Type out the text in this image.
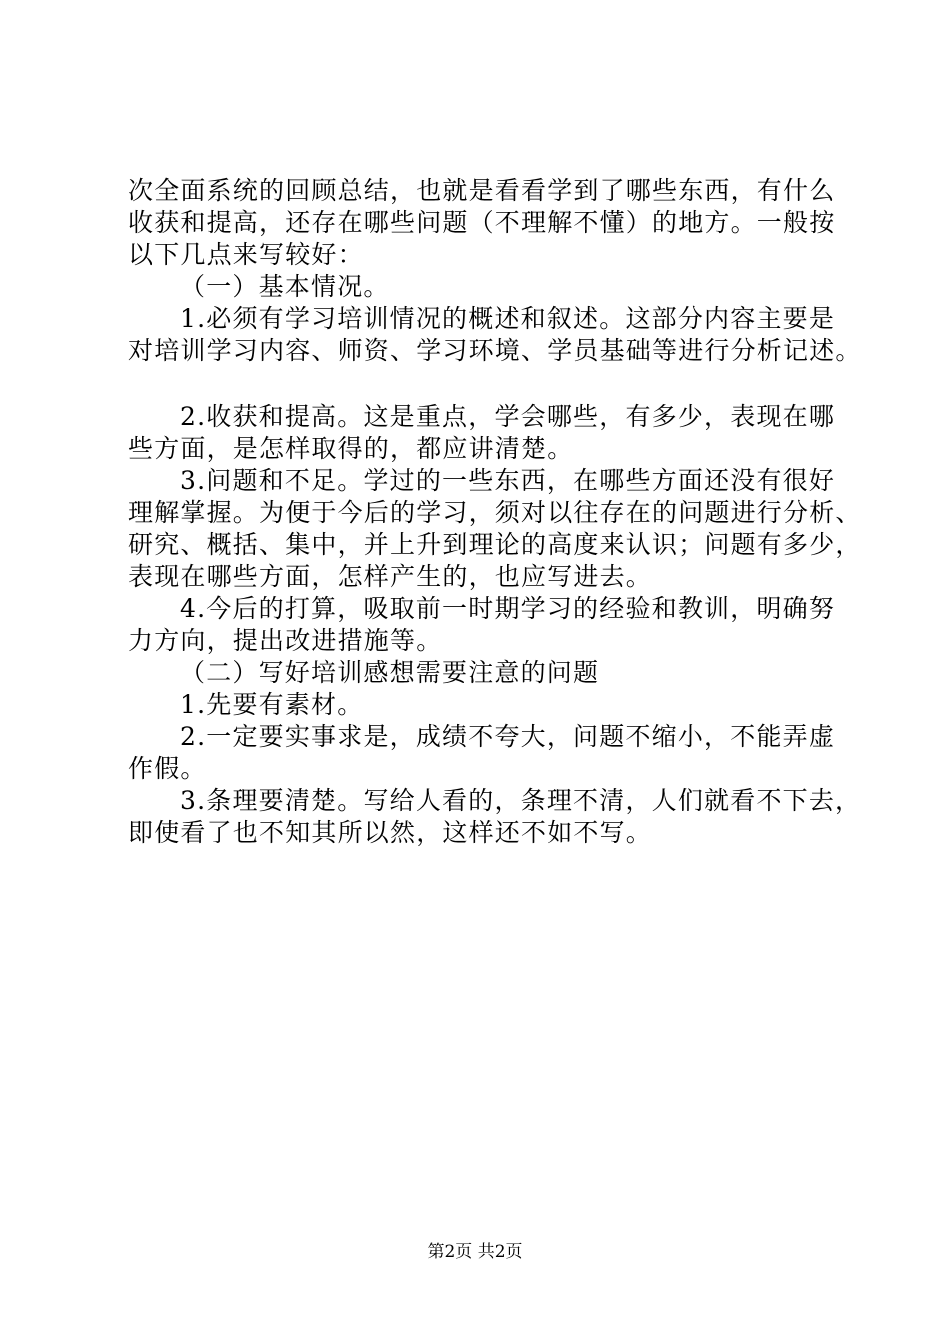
次全面系统的回顾总结，也就是看看学到了哪些东西，有什么
收获和提高，还存在哪些问题（不理解不懂）的地方。一般按
以下几点来写较好：
（一）基本情况。
1.必须有学习培训情况的概述和叙述。这部分内容主要是
对培训学习内容、师资、学习环境、学员基础等进行分析记述。
2.收获和提高。这是重点，学会哪些，有多少，表现在哪
些方面，是怎样取得的，都应讲清楚。
3.问题和不足。学过的一些东西，在哪些方面还没有很好
理解掌握。为便于今后的学习，须对以往存在的问题进行分析、
研究、概括、集中，并上升到理论的高度来认识；问题有多少，
表现在哪些方面，怎样产生的，也应写进去。
4.今后的打算，吸取前一时期学习的经验和教训，明确努
力方向，提出改进措施等。
（二）写好培训感想需要注意的问题
1.先要有素材。
2.一定要实事求是，成绩不夸大，问题不缩小，不能弄虚
作假。
3.条理要清楚。写给人看的，条理不清，人们就看不下去，
即使看了也不知其所以然，这样还不如不写。
第2页 共2页
